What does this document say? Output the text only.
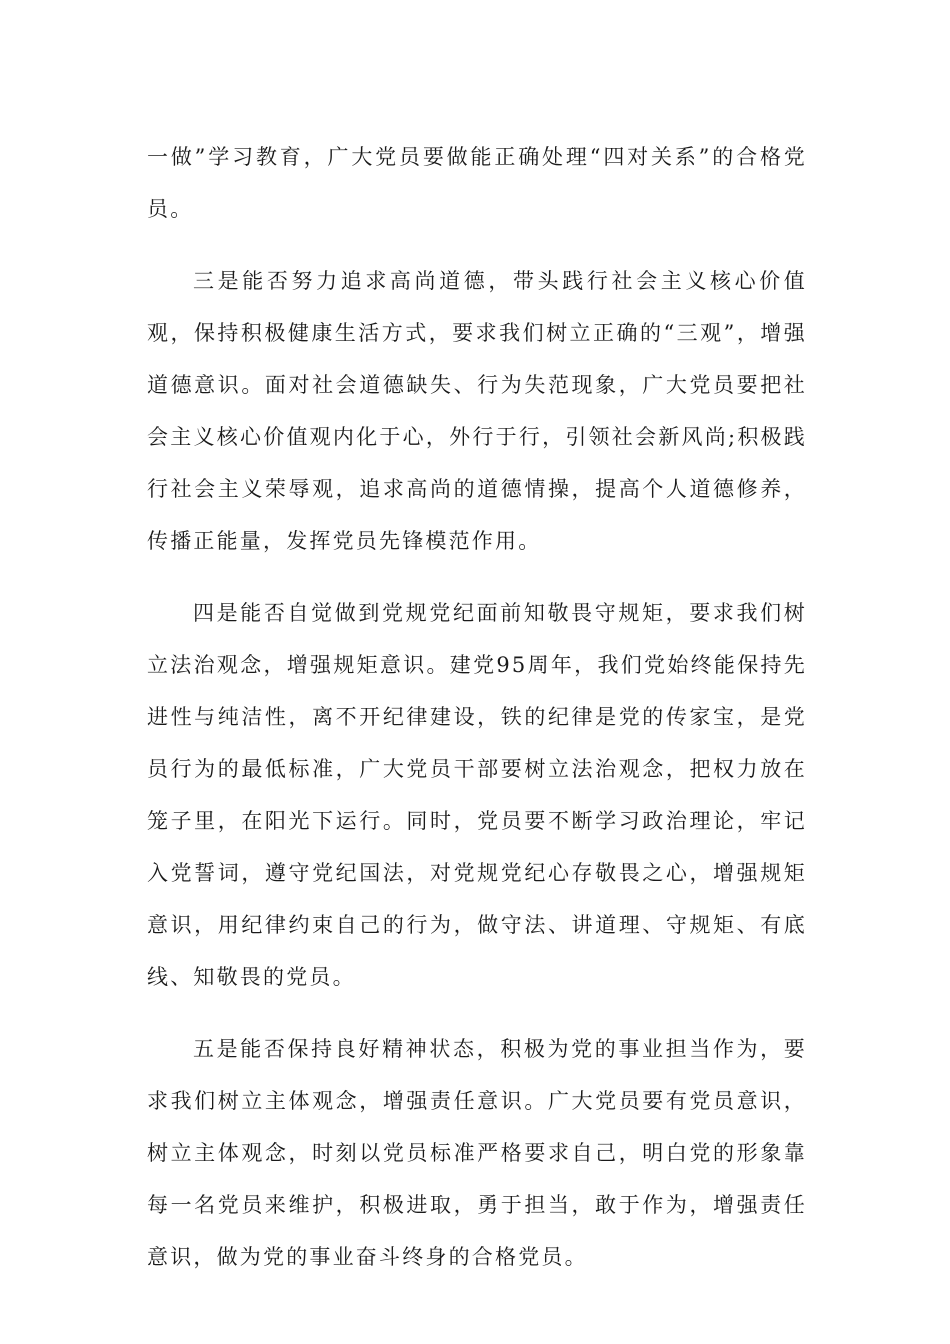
一做”学习教育，广大党员要做能正确处理“四对关系”的合格党员。

三是能否努力追求高尚道德，带头践行社会主义核心价值观，保持积极健康生活方式，要求我们树立正确的“三观”，增强道德意识。面对社会道德缺失、行为失范现象，广大党员要把社会主义核心价值观内化于心，外行于行，引领社会新风尚;积极践行社会主义荣辱观，追求高尚的道德情操，提高个人道德修养，传播正能量，发挥党员先锋模范作用。

四是能否自觉做到党规党纪面前知敬畏守规矩，要求我们树立法治观念，增强规矩意识。建党95周年，我们党始终能保持先进性与纯洁性，离不开纪律建设，铁的纪律是党的传家宝，是党员行为的最低标准，广大党员干部要树立法治观念，把权力放在笼子里，在阳光下运行。同时，党员要不断学习政治理论，牢记入党誓词，遵守党纪国法，对党规党纪心存敬畏之心，增强规矩意识，用纪律约束自己的行为，做守法、讲道理、守规矩、有底线、知敬畏的党员。

五是能否保持良好精神状态，积极为党的事业担当作为，要求我们树立主体观念，增强责任意识。广大党员要有党员意识，树立主体观念，时刻以党员标准严格要求自己，明白党的形象靠每一名党员来维护，积极进取，勇于担当，敢于作为，增强责任意识，做为党的事业奋斗终身的合格党员。
